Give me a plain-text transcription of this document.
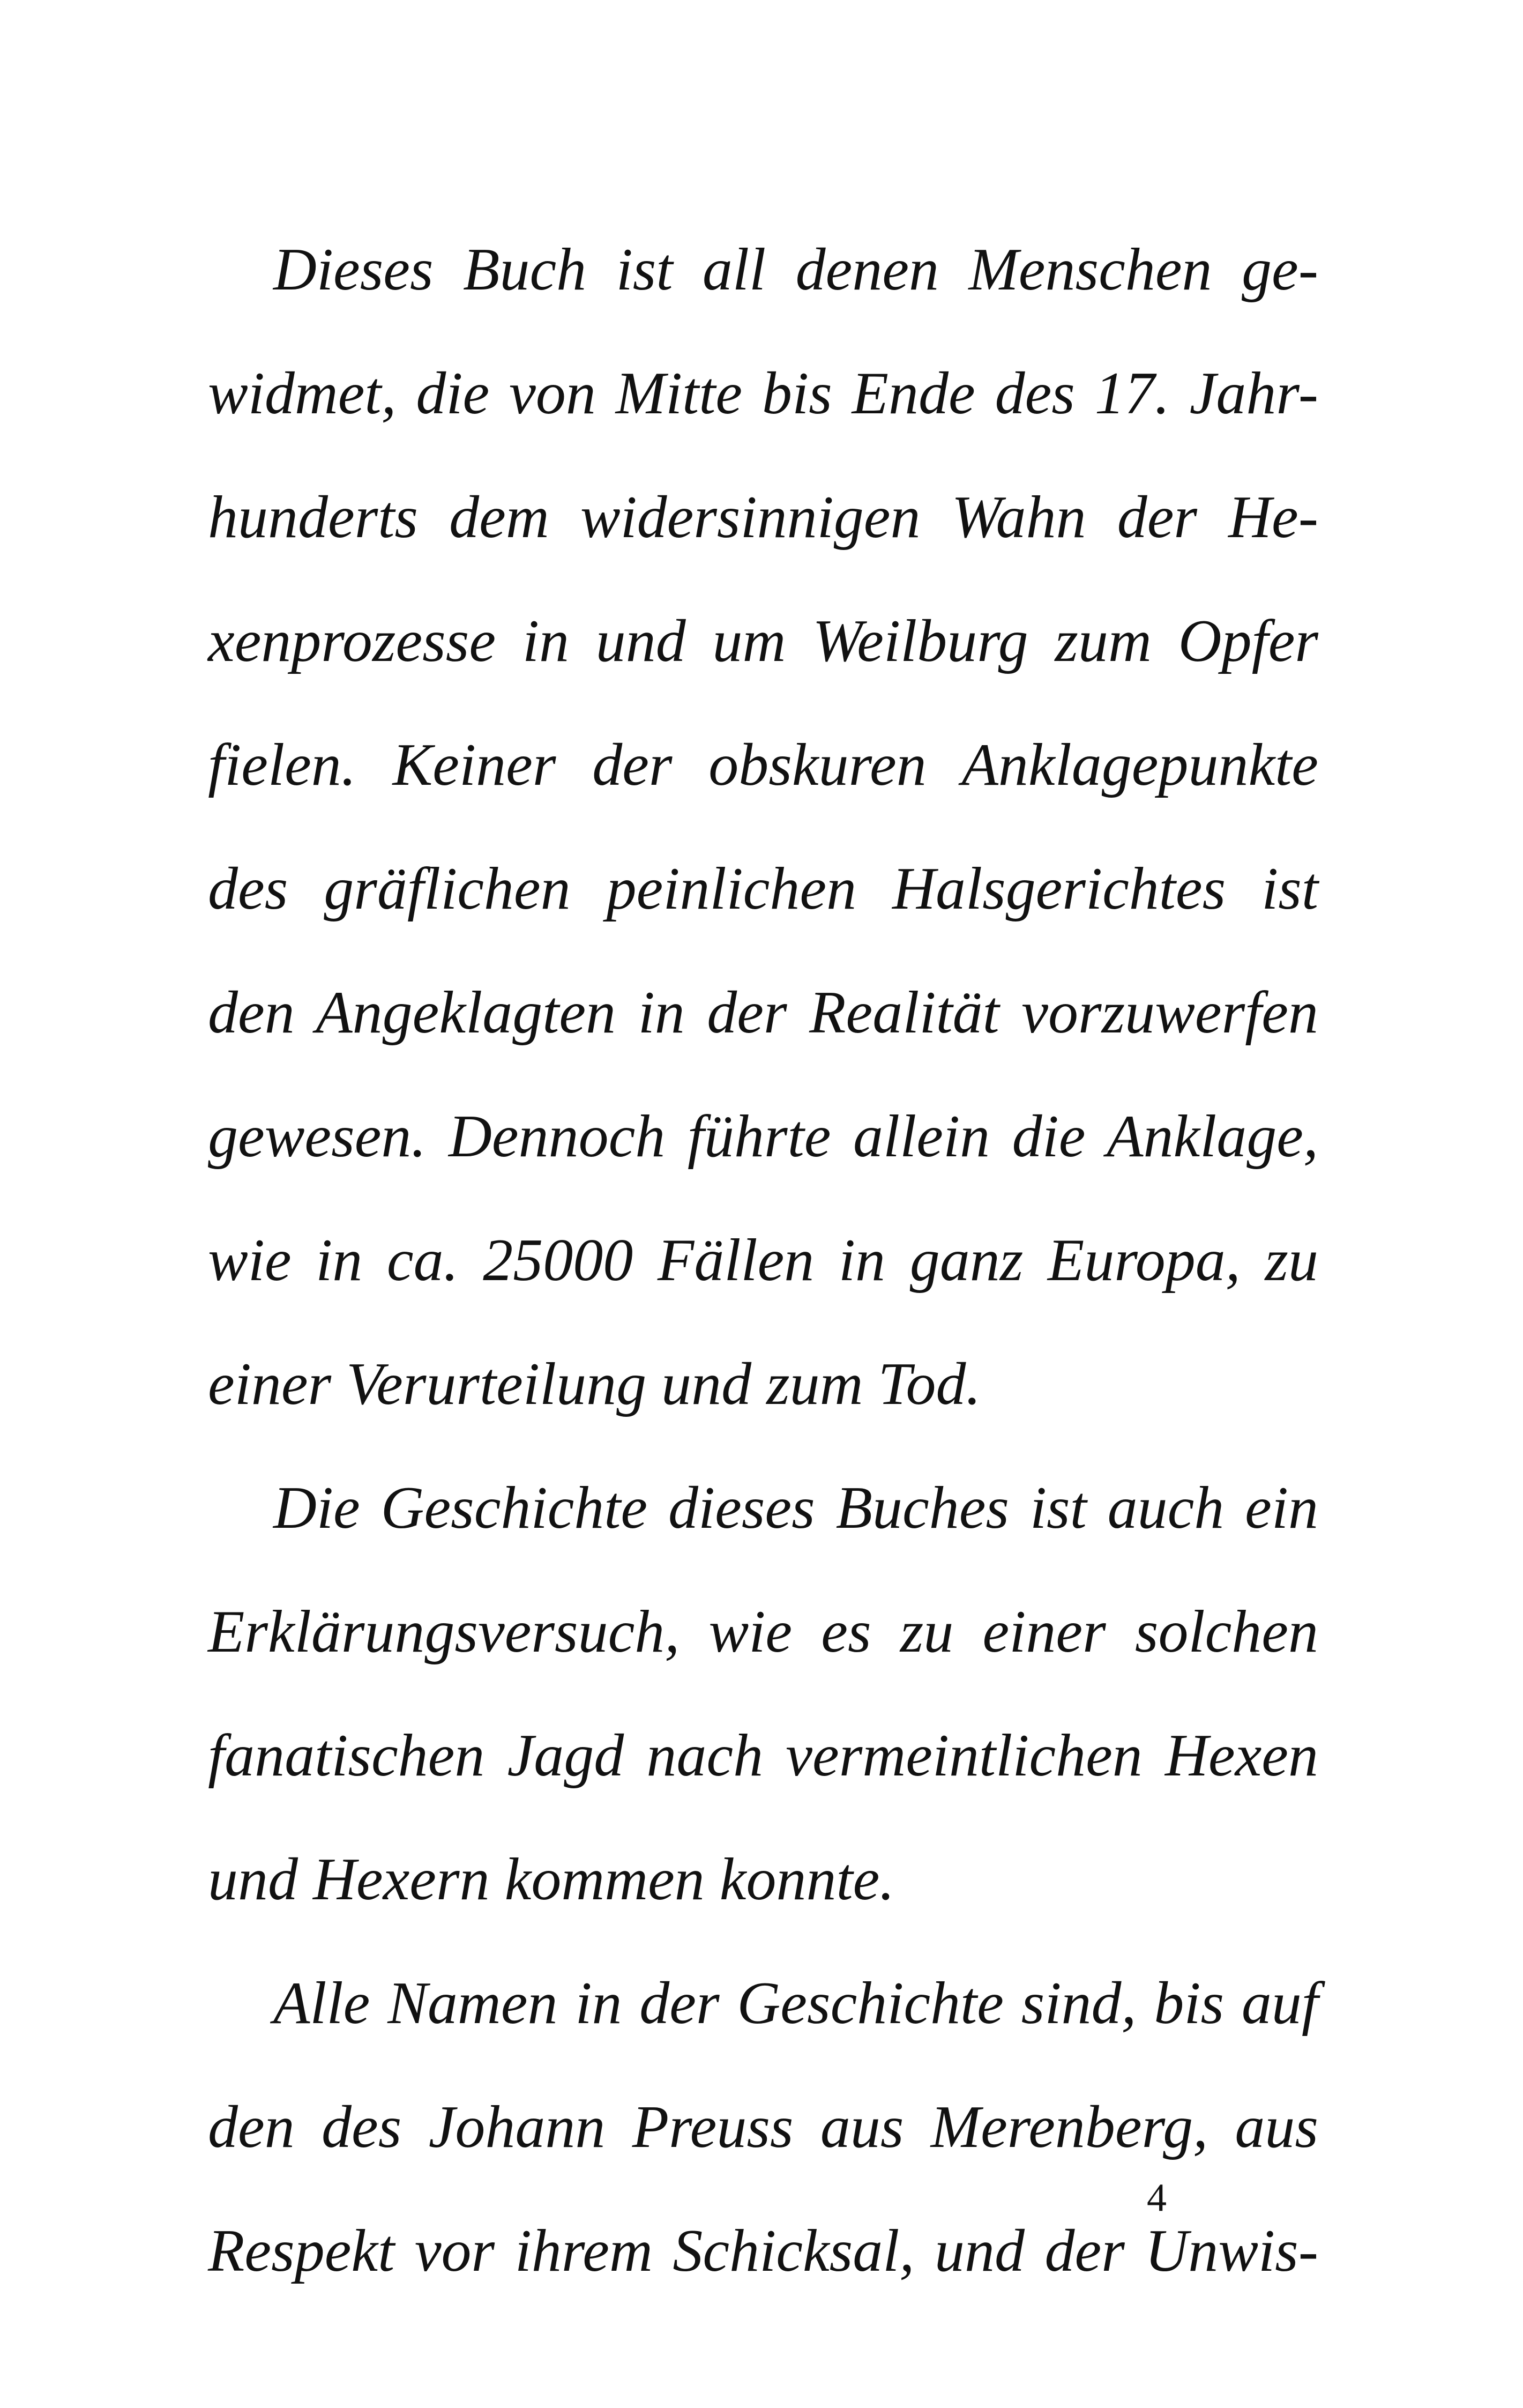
Dieses Buch ist all denen Menschen ge-
widmet, die von Mitte bis Ende des 17. Jahr-
hunderts dem widersinnigen Wahn der He-
xenprozesse in und um Weilburg zum Opfer
fielen. Keiner der obskuren Anklagepunkte
des gräflichen peinlichen Halsgerichtes ist
den Angeklagten in der Realität vorzuwerfen
gewesen. Dennoch führte allein die Anklage,
wie in ca. 25000 Fällen in ganz Europa, zu
einer Verurteilung und zum Tod.
Die Geschichte dieses Buches ist auch ein
Erklärungsversuch, wie es zu einer solchen
fanatischen Jagd nach vermeintlichen Hexen
und Hexern kommen konnte.
Alle Namen in der Geschichte sind, bis auf
den des Johann Preuss aus Merenberg, aus
Respekt vor ihrem Schicksal, und der Unwis-
4
